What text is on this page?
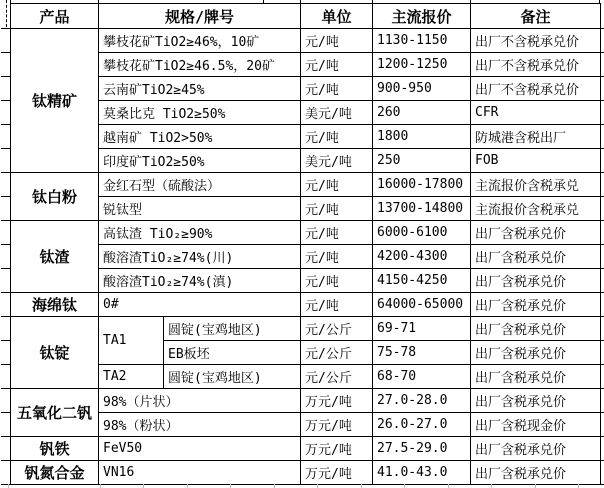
产品	规格/牌号		单位	主流报价	备注
钛精矿	攀枝花矿TiO2≥46%，10矿		元/吨	1130-1150	出厂不含税承兑价
	攀枝花矿TiO2≥46.5%，20矿		元/吨	1200-1250	出厂不含税承兑价
	云南矿TiO2≥45%		元/吨	900-950	出厂不含税承兑价
	莫桑比克 TiO2≥50%		美元/吨	260	CFR
	越南矿 TiO2>50%		元/吨	1800	防城港含税出厂
	印度矿TiO2≥50%		美元/吨	250	FOB
钛白粉	金红石型（硫酸法）		元/吨	16000-17800	主流报价含税承兑
	锐钛型		元/吨	13700-14800	主流报价含税承兑
钛渣	高钛渣 TiO₂≥90%		元/吨	6000-6100	出厂含税承兑价
	酸溶渣TiO₂≥74%(川)		元/吨	4200-4300	出厂含税承兑价
	酸溶渣TiO₂≥74%(滇)		元/吨	4150-4250	出厂含税承兑价
海绵钛	0#		元/吨	64000-65000	出厂含税承兑价
钛锭	TA1	圆锭(宝鸡地区)	元/公斤	69-71	出厂含税承兑价
		EB板坯	元/公斤	75-78	出厂含税承兑价
	TA2	圆锭(宝鸡地区)	元/公斤	68-70	出厂含税承兑价
五氧化二钒	98%（片状）		万元/吨	27.0-28.0	出厂含税承兑价
	98%（粉状）		万元/吨	26.0-27.0	出厂含税现金价
钒铁	FeV50		万元/吨	27.5-29.0	出厂含税承兑价
钒氮合金	VN16		万元/吨	41.0-43.0	出厂含税承兑价
